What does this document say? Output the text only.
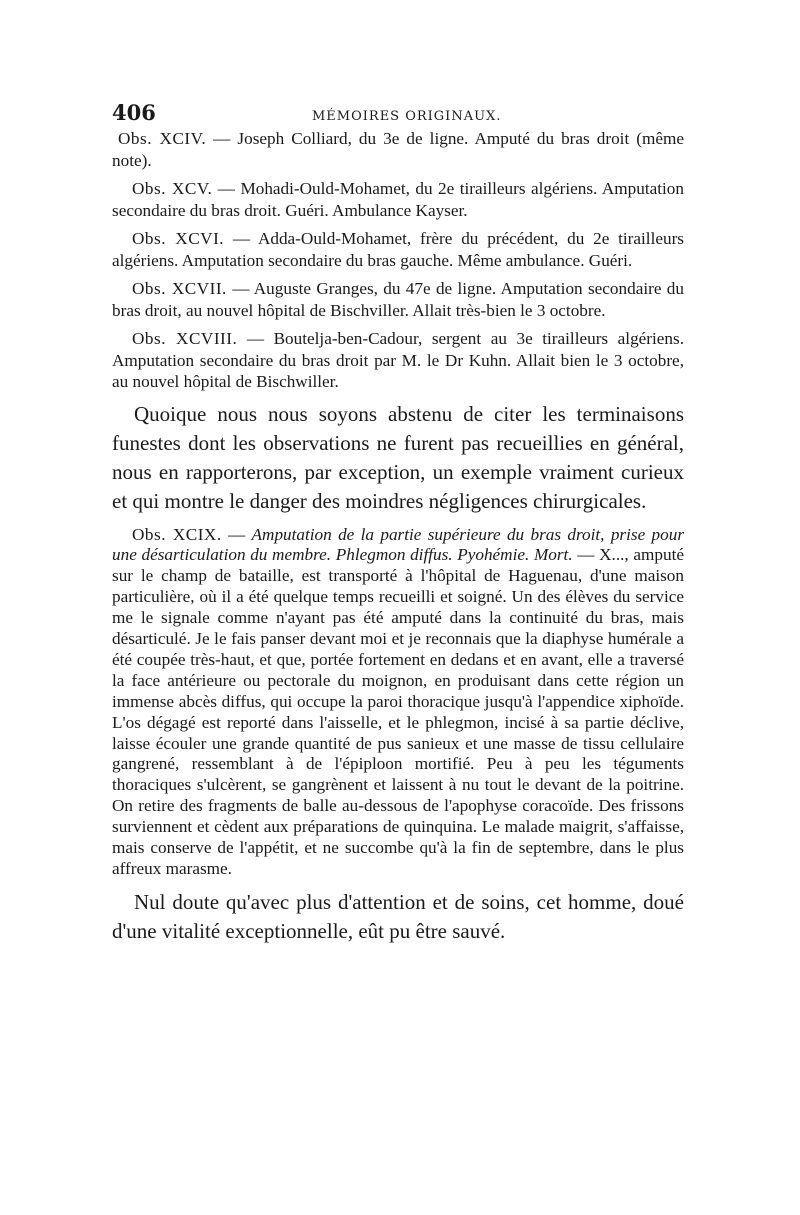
406	MÉMOIRES ORIGINAUX.

Obs. XCIV. — Joseph Colliard, du 3e de ligne. Amputé du bras droit (même note).

Obs. XCV. — Mohadi-Ould-Mohamet, du 2e tirailleurs algériens. Amputation secondaire du bras droit. Guéri. Ambulance Kayser.

Obs. XCVI. — Adda-Ould-Mohamet, frère du précédent, du 2e tirailleurs algériens. Amputation secondaire du bras gauche. Même ambulance. Guéri.

Obs. XCVII. — Auguste Granges, du 47e de ligne. Amputation secondaire du bras droit, au nouvel hôpital de Bischviller. Allait très-bien le 3 octobre.

Obs. XCVIII. — Boutelja-ben-Cadour, sergent au 3e tirailleurs algériens. Amputation secondaire du bras droit par M. le Dr Kuhn. Allait bien le 3 octobre, au nouvel hôpital de Bischwiller.

Quoique nous nous soyons abstenu de citer les terminaisons funestes dont les observations ne furent pas recueillies en général, nous en rapporterons, par exception, un exemple vraiment curieux et qui montre le danger des moindres négligences chirurgicales.

Obs. XCIX. — Amputation de la partie supérieure du bras droit, prise pour une désarticulation du membre. Phlegmon diffus. Pyohémie. Mort. — X..., amputé sur le champ de bataille, est transporté à l'hôpital de Haguenau, d'une maison particulière, où il a été quelque temps recueilli et soigné. Un des élèves du service me le signale comme n'ayant pas été amputé dans la continuité du bras, mais désarticulé. Je le fais panser devant moi et je reconnais que la diaphyse humérale a été coupée très-haut, et que, portée fortement en dedans et en avant, elle a traversé la face antérieure ou pectorale du moignon, en produisant dans cette région un immense abcès diffus, qui occupe la paroi thoracique jusqu'à l'appendice xiphoïde. L'os dégagé est reporté dans l'aisselle, et le phlegmon, incisé à sa partie déclive, laisse écouler une grande quantité de pus sanieux et une masse de tissu cellulaire gangrené, ressemblant à de l'épiploon mortifié. Peu à peu les téguments thoraciques s'ulcèrent, se gangrènent et laissent à nu tout le devant de la poitrine. On retire des fragments de balle au-dessous de l'apophyse coracoïde. Des frissons surviennent et cèdent aux préparations de quinquina. Le malade maigrit, s'affaisse, mais conserve de l'appétit, et ne succombe qu'à la fin de septembre, dans le plus affreux marasme.

Nul doute qu'avec plus d'attention et de soins, cet homme, doué d'une vitalité exceptionnelle, eût pu être sauvé.
